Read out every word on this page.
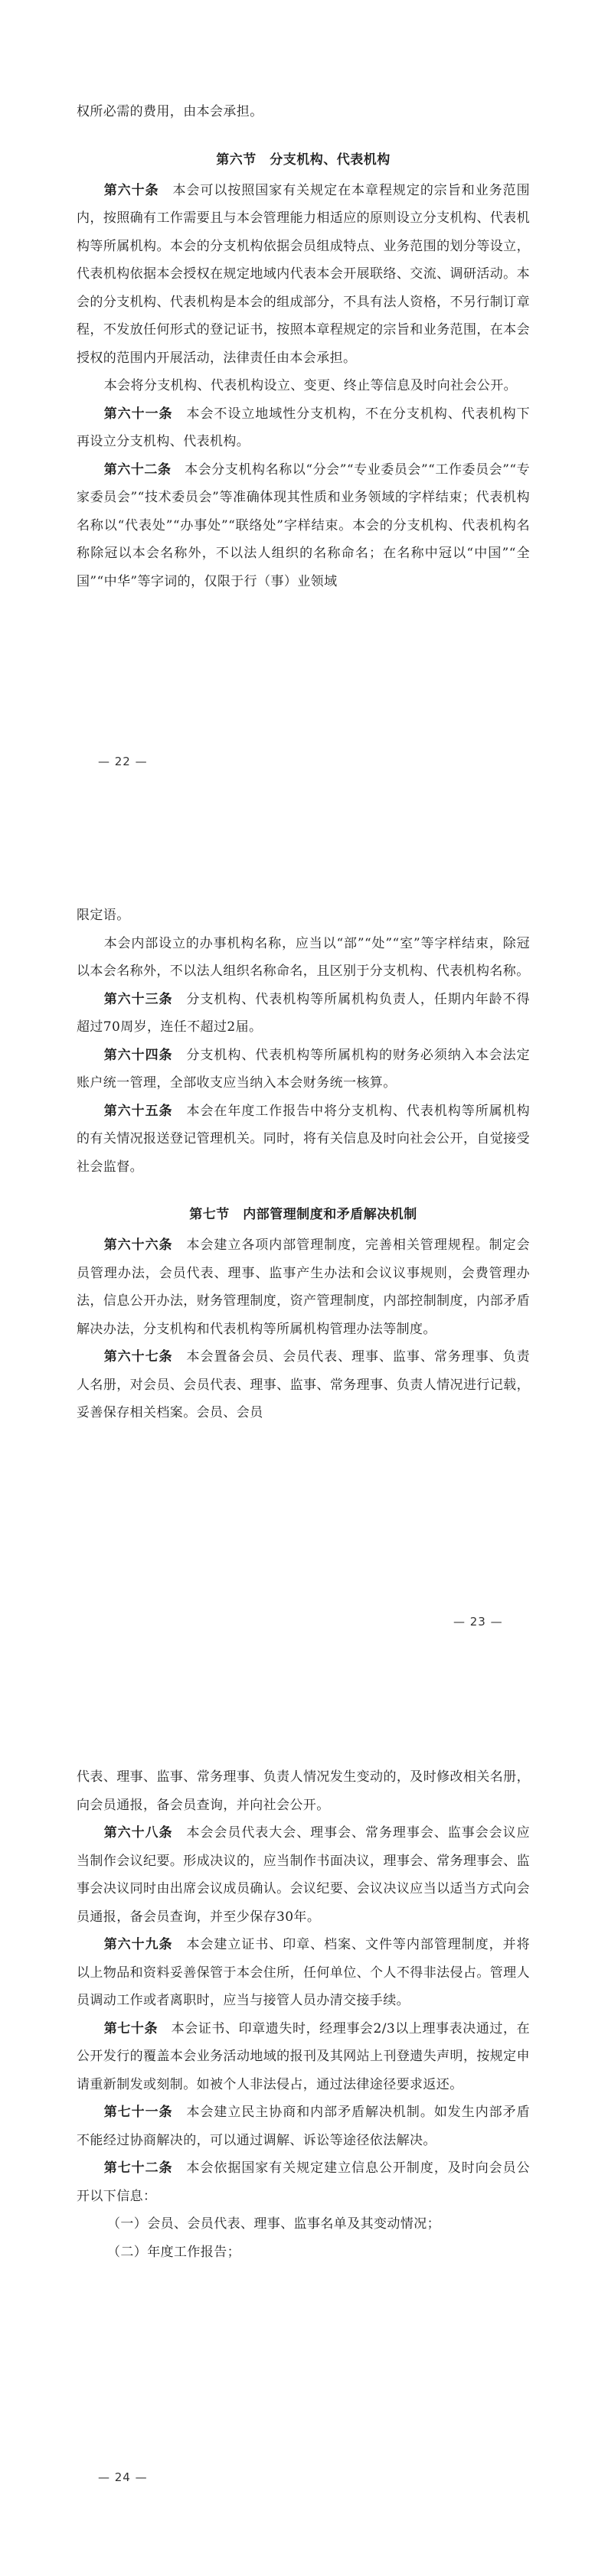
权所必需的费用，由本会承担。

第六节　分支机构、代表机构

第六十条　 本会可以按照国家有关规定在本章程规定的宗旨和业务范围内，按照确有工作需要且与本会管理能力相适应的原则设立分支机构、代表机构等所属机构。本会的分支机构依据会员组成特点、业务范围的划分等设立，代表机构依据本会授权在规定地域内代表本会开展联络、交流、调研活动。本会的分支机构、代表机构是本会的组成部分，不具有法人资格，不另行制订章程，不发放任何形式的登记证书，按照本章程规定的宗旨和业务范围，在本会授权的范围内开展活动，法律责任由本会承担。

本会将分支机构、代表机构设立、变更、终止等信息及时向社会公开。

第六十一条　 本会不设立地域性分支机构，不在分支机构、代表机构下再设立分支机构、代表机构。

第六十二条　 本会分支机构名称以“分会”“专业委员会”“工作委员会”“专家委员会”“技术委员会”等准确体现其性质和业务领域的字样结束；代表机构名称以“代表处”“办事处”“联络处”字样结束。本会的分支机构、代表机构名称除冠以本会名称外，不以法人组织的名称命名；在名称中冠以“中国”“全国”“中华”等字词的，仅限于行（事）业领域

— 22 —

限定语。

本会内部设立的办事机构名称，应当以“部”“处”“室”等字样结束，除冠以本会名称外，不以法人组织名称命名，且区别于分支机构、代表机构名称。

第六十三条　 分支机构、代表机构等所属机构负责人，任期内年龄不得超过70周岁，连任不超过2届。

第六十四条　 分支机构、代表机构等所属机构的财务必须纳入本会法定账户统一管理，全部收支应当纳入本会财务统一核算。

第六十五条　 本会在年度工作报告中将分支机构、代表机构等所属机构的有关情况报送登记管理机关。同时，将有关信息及时向社会公开，自觉接受社会监督。

第七节　内部管理制度和矛盾解决机制

第六十六条　 本会建立各项内部管理制度，完善相关管理规程。制定会员管理办法，会员代表、理事、监事产生办法和会议议事规则，会费管理办法，信息公开办法，财务管理制度，资产管理制度，内部控制制度，内部矛盾解决办法，分支机构和代表机构等所属机构管理办法等制度。

第六十七条　 本会置备会员、会员代表、理事、监事、常务理事、负责人名册，对会员、会员代表、理事、监事、常务理事、负责人情况进行记载，妥善保存相关档案。会员、会员

— 23 —

代表、理事、监事、常务理事、负责人情况发生变动的，及时修改相关名册，向会员通报，备会员查询，并向社会公开。

第六十八条　 本会会员代表大会、理事会、常务理事会、监事会会议应当制作会议纪要。形成决议的，应当制作书面决议，理事会、常务理事会、监事会决议同时由出席会议成员确认。会议纪要、会议决议应当以适当方式向会员通报，备会员查询，并至少保存30年。

第六十九条　 本会建立证书、印章、档案、文件等内部管理制度，并将以上物品和资料妥善保管于本会住所，任何单位、个人不得非法侵占。管理人员调动工作或者离职时，应当与接管人员办清交接手续。

第七十条　 本会证书、印章遗失时，经理事会2/3以上理事表决通过，在公开发行的覆盖本会业务活动地域的报刊及其网站上刊登遗失声明，按规定申请重新制发或刻制。如被个人非法侵占，通过法律途径要求返还。

第七十一条　 本会建立民主协商和内部矛盾解决机制。如发生内部矛盾不能经过协商解决的，可以通过调解、诉讼等途径依法解决。

第七十二条　 本会依据国家有关规定建立信息公开制度，及时向会员公开以下信息：

（一）会员、会员代表、理事、监事名单及其变动情况；

（二）年度工作报告；

— 24 —
